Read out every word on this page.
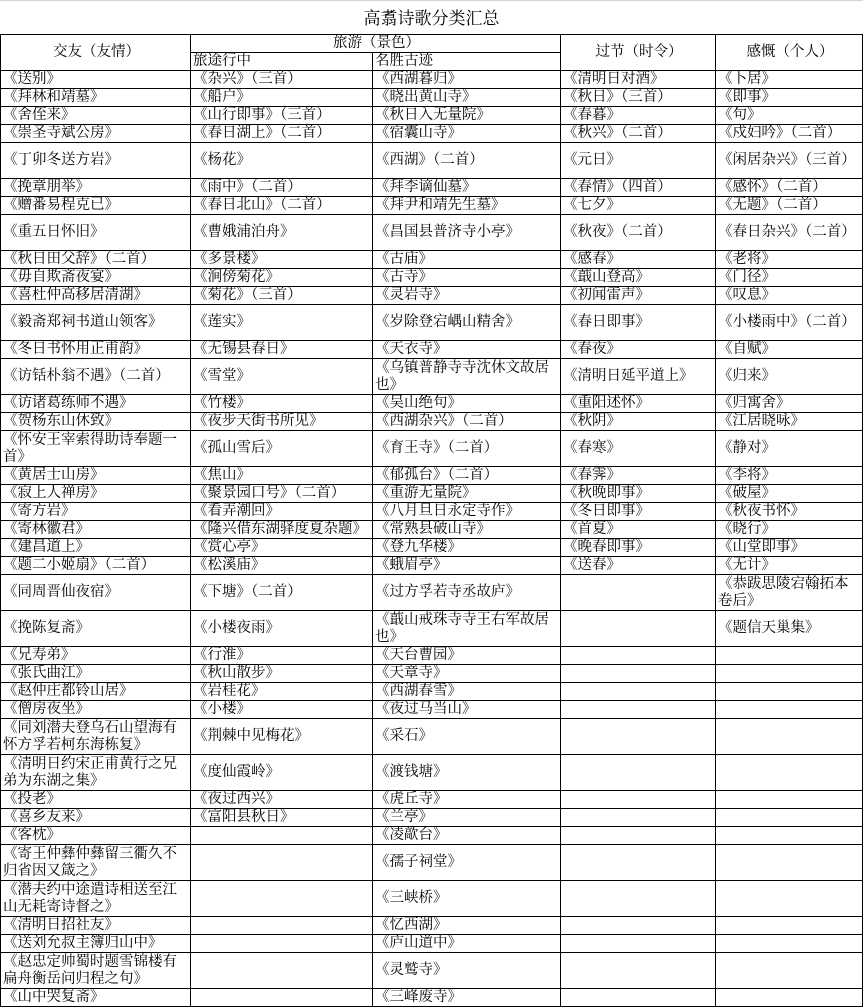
高翥诗歌分类汇总
交友（友情）	旅游（景色）		过节（时令）	感慨（个人）
	旅途行中	名胜古迹		
《送别》	《杂兴》（三首）	《西湖暮归》	《清明日对酒》	《卜居》
《拜林和靖墓》	《船户》	《晓出黄山寺》	《秋日》（三首）	《即事》
《舍侄来》	《山行即事》（三首）	《秋日入无量院》	《春暮》	《句》
《崇圣寺斌公房》	《春日湖上》（二首）	《宿囊山寺》	《秋兴》（二首）	《戍妇吟》（二首）
《丁卯冬送方岩》	《杨花》	《西湖》（二首）	《元日》	《闲居杂兴》（三首）
《挽章朋举》	《雨中》（二首）	《拜李谪仙墓》	《春情》（四首）	《感怀》（二首）
《赠番易程克已》	《春日北山》（二首）	《拜尹和靖先生墓》	《七夕》	《无题》（二首）
《重五日怀旧》	《曹娥浦泊舟》	《昌国县普济寺小亭》	《秋夜》（二首）	《春日杂兴》（二首）
《秋日田父辞》（二首）	《多景楼》	《古庙》	《感春》	《老将》
《毋自欺斋夜宴》	《涧傍菊花》	《古寺》	《蕺山登高》	《门径》
《喜杜仲高移居清湖》	《菊花》（三首）	《灵岩寺》	《初闻雷声》	《叹息》
《毅斋郑祠书道山领客》	《莲实》	《岁除登宕嵎山精舍》	《春日即事》	《小楼雨中》（二首）
《冬日书怀用正甫韵》	《无锡县春日》	《天衣寺》	《春夜》	《自赋》
《访铦朴翁不遇》（二首）	《雪堂》	《乌镇普静寺寺沈休文故居也》	《清明日延平道上》	《归来》
《访诸葛练师不遇》	《竹楼》	《吴山绝句》	《重阳述怀》	《归寓舍》
《贺杨东山休致》	《夜步天街书所见》	《西湖杂兴》（二首）	《秋阴》	《江居晓咏》
《怀安王宰索得助诗奉题一首》	《孤山雪后》	《育王寺》（二首）	《春寒》	《静对》
《黄居士山房》	《焦山》	《郁孤台》（二首）	《春霁》	《李将》
《寂上人禅房》	《聚景园口号》（二首）	《重游无量院》	《秋晚即事》	《破屋》
《寄方岩》	《看弄潮回》	《八月旦日永定寺作》	《冬日即事》	《秋夜书怀》
《寄林徽君》	《隆兴借东湖驿度夏杂题》	《常熟县破山寺》	《首夏》	《晓行》
《建昌道上》	《赏心亭》	《登九华楼》	《晚春即事》	《山堂即事》
《题二小姬扇》（二首）	《松溪庙》	《蛾眉亭》	《送春》	《无计》
《同周晋仙夜宿》	《下塘》（二首）	《过方孚若寺丞故庐》		《恭跋思陵宕翰拓本卷后》
《挽陈复斋》	《小楼夜雨》	《蕺山戒珠寺寺王右军故居也》		《题信天巢集》
《兄寿弟》	《行淮》	《天台曹园》		
《张氏曲江》	《秋山散步》	《天章寺》		
《赵仲庄都铃山居》	《岩桂花》	《西湖春雪》		
《僧房夜坐》	《小楼》	《夜过马当山》		
《同刘潜夫登乌石山望海有怀方孚若柯东海栋复》	《荆棘中见梅花》	《采石》		
《清明日约宋正甫黄行之兄弟为东湖之集》	《度仙霞岭》	《渡钱塘》		
《投老》	《夜过西兴》	《虎丘寺》		
《喜乡友来》	《富阳县秋日》	《兰亭》		
《客枕》		《凌歊台》		
《寄王仲彝仲彝留三衢久不归省因又箴之》		《孺子祠堂》		
《潜夫约中途遣诗相送至江山无耗寄诗督之》		《三峡桥》		
《清明日招社友》		《忆西湖》		
《送刘允叔主簿归山中》		《庐山道中》		
《赵忠定帅蜀时题雪锦楼有扁舟衡岳问归程之句》		《灵鹫寺》		
《山中哭复斋》		《三峰废寺》		
